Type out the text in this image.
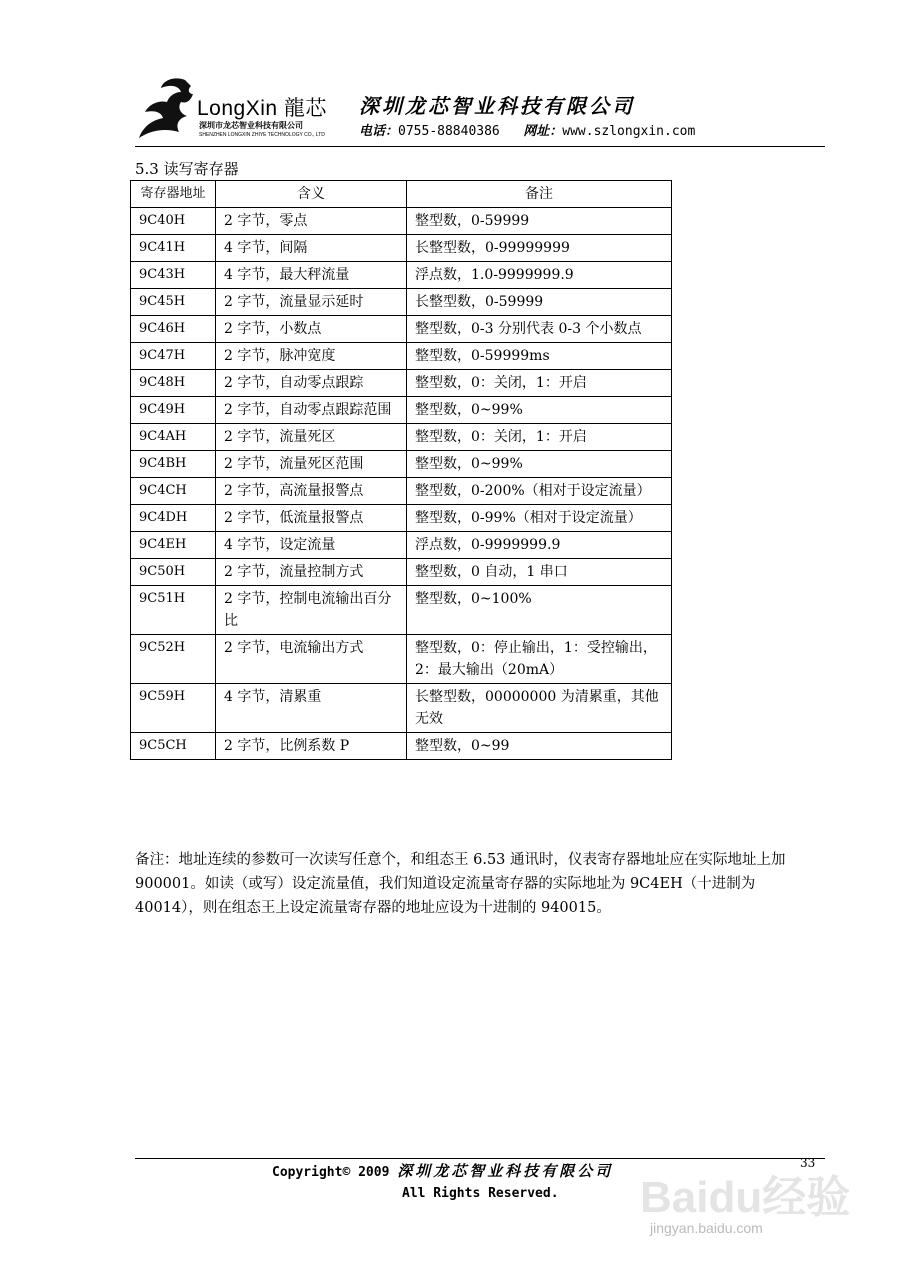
LongXin 龍芯
深圳市龙芯智业科技有限公司
SHENZHEN LONGXIN ZHIYE TECHNOLOGY CO., LTD
深圳龙芯智业科技有限公司
电话：0755-88840386 网址：www.szlongxin.com
5.3 读写寄存器
寄存器地址	含义	备注
9C40H	2 字节，零点	整型数，0-59999
9C41H	4 字节，间隔	长整型数，0-99999999
9C43H	4 字节，最大秤流量	浮点数，1.0-9999999.9
9C45H	2 字节，流量显示延时	长整型数，0-59999
9C46H	2 字节，小数点	整型数，0-3 分别代表 0-3 个小数点
9C47H	2 字节，脉冲宽度	整型数，0-59999ms
9C48H	2 字节，自动零点跟踪	整型数，0：关闭，1：开启
9C49H	2 字节，自动零点跟踪范围	整型数，0~99%
9C4AH	2 字节，流量死区	整型数，0：关闭，1：开启
9C4BH	2 字节，流量死区范围	整型数，0~99%
9C4CH	2 字节，高流量报警点	整型数，0-200%（相对于设定流量）
9C4DH	2 字节，低流量报警点	整型数，0-99%（相对于设定流量）
9C4EH	4 字节，设定流量	浮点数，0-9999999.9
9C50H	2 字节，流量控制方式	整型数，0 自动，1 串口
9C51H	2 字节，控制电流输出百分比	整型数，0~100%
9C52H	2 字节，电流输出方式	整型数，0：停止输出，1：受控输出，2：最大输出（20mA）
9C59H	4 字节，清累重	长整型数，00000000 为清累重，其他无效
9C5CH	2 字节，比例系数 P	整型数，0~99
备注：地址连续的参数可一次读写任意个，和组态王 6.53 通讯时，仪表寄存器地址应在实际地址上加 900001。如读（或写）设定流量值，我们知道设定流量寄存器的实际地址为 9C4EH（十进制为 40014），则在组态王上设定流量寄存器的地址应设为十进制的 940015。
Copyright© 2009 深圳龙芯智业科技有限公司
All Rights Reserved.
33
Baidu经验
jingyan.baidu.com
